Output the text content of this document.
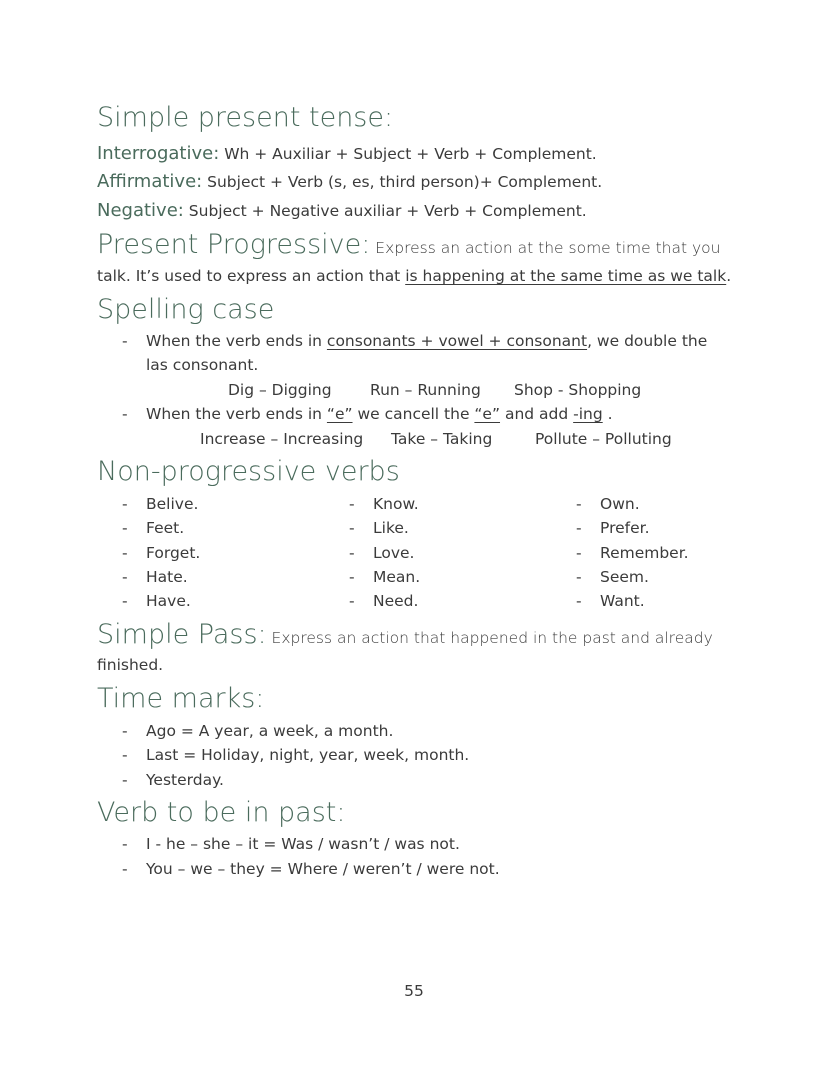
Simple present tense:
Interrogative: Wh + Auxiliar + Subject + Verb + Complement.
Affirmative: Subject + Verb (s, es, third person)+ Complement.
Negative: Subject + Negative auxiliar + Verb + Complement.
Present Progressive: Express an action at the some time that you
talk. It’s used to express an action that is happening at the same time as we talk.
Spelling case
- When the verb ends in consonants + vowel + consonant, we double the
las consonant.
Dig – Digging Run – Running Shop - Shopping
- When the verb ends in “e” we cancell the “e” and add -ing .
Increase – Increasing Take – Taking	Pollute – Polluting
Non-progressive verbs
- Belive.
- Feet.
- Forget.
- Hate.
- Have.
- Know.
- Like.
- Love.
- Mean.
- Need.
- Own.
- Prefer.
- Remember.
- Seem.
- Want.
Simple Pass: Express an action that happened in the past and already
finished.
Time marks:
- Ago = A year, a week, a month.
- Last = Holiday, night, year, week, month.
- Yesterday.
Verb to be in past:
- I - he – she – it = Was / wasn’t / was not.
- You – we – they = Where / weren’t / were not.
55
